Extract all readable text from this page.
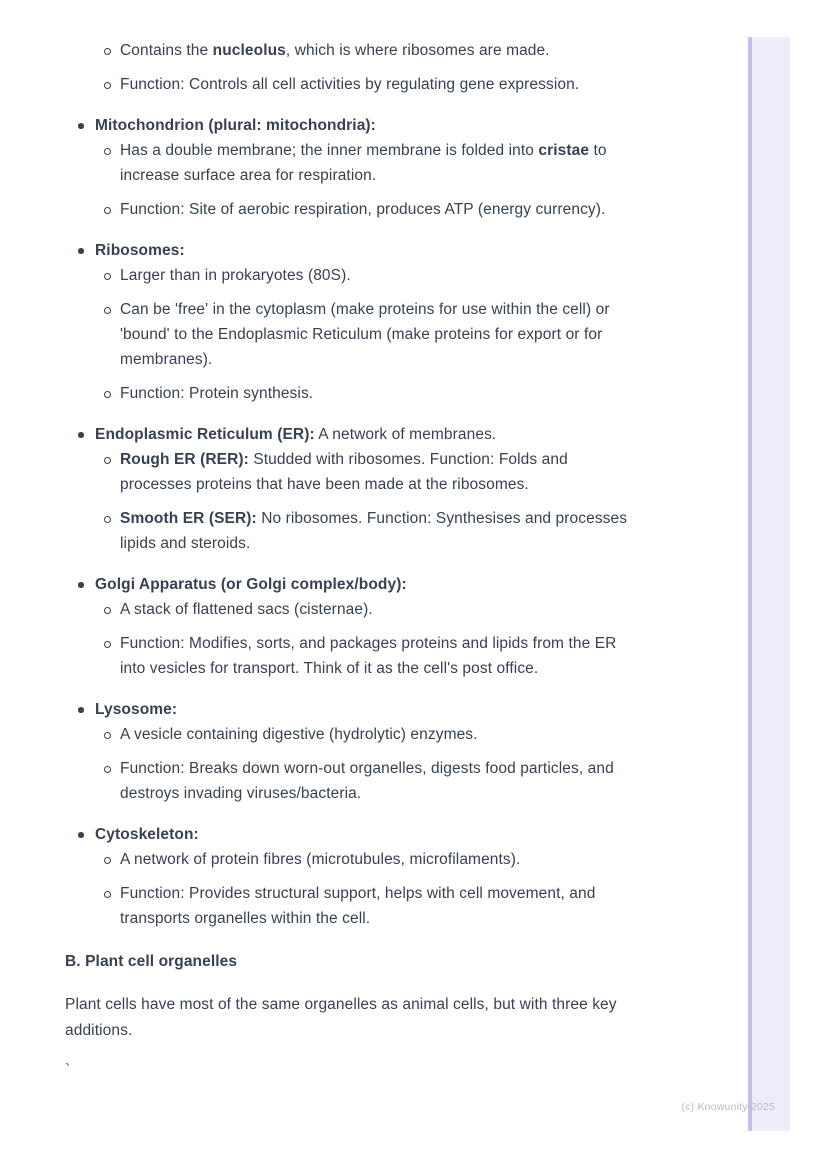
Contains the nucleolus, which is where ribosomes are made.
Function: Controls all cell activities by regulating gene expression.
Mitochondrion (plural: mitochondria):
Has a double membrane; the inner membrane is folded into cristae to increase surface area for respiration.
Function: Site of aerobic respiration, produces ATP (energy currency).
Ribosomes:
Larger than in prokaryotes (80S).
Can be 'free' in the cytoplasm (make proteins for use within the cell) or 'bound' to the Endoplasmic Reticulum (make proteins for export or for membranes).
Function: Protein synthesis.
Endoplasmic Reticulum (ER): A network of membranes.
Rough ER (RER): Studded with ribosomes. Function: Folds and processes proteins that have been made at the ribosomes.
Smooth ER (SER): No ribosomes. Function: Synthesises and processes lipids and steroids.
Golgi Apparatus (or Golgi complex/body):
A stack of flattened sacs (cisternae).
Function: Modifies, sorts, and packages proteins and lipids from the ER into vesicles for transport. Think of it as the cell's post office.
Lysosome:
A vesicle containing digestive (hydrolytic) enzymes.
Function: Breaks down worn-out organelles, digests food particles, and destroys invading viruses/bacteria.
Cytoskeleton:
A network of protein fibres (microtubules, microfilaments).
Function: Provides structural support, helps with cell movement, and transports organelles within the cell.
B. Plant cell organelles
Plant cells have most of the same organelles as animal cells, but with three key additions.
`
(c) Knowunity 2025
